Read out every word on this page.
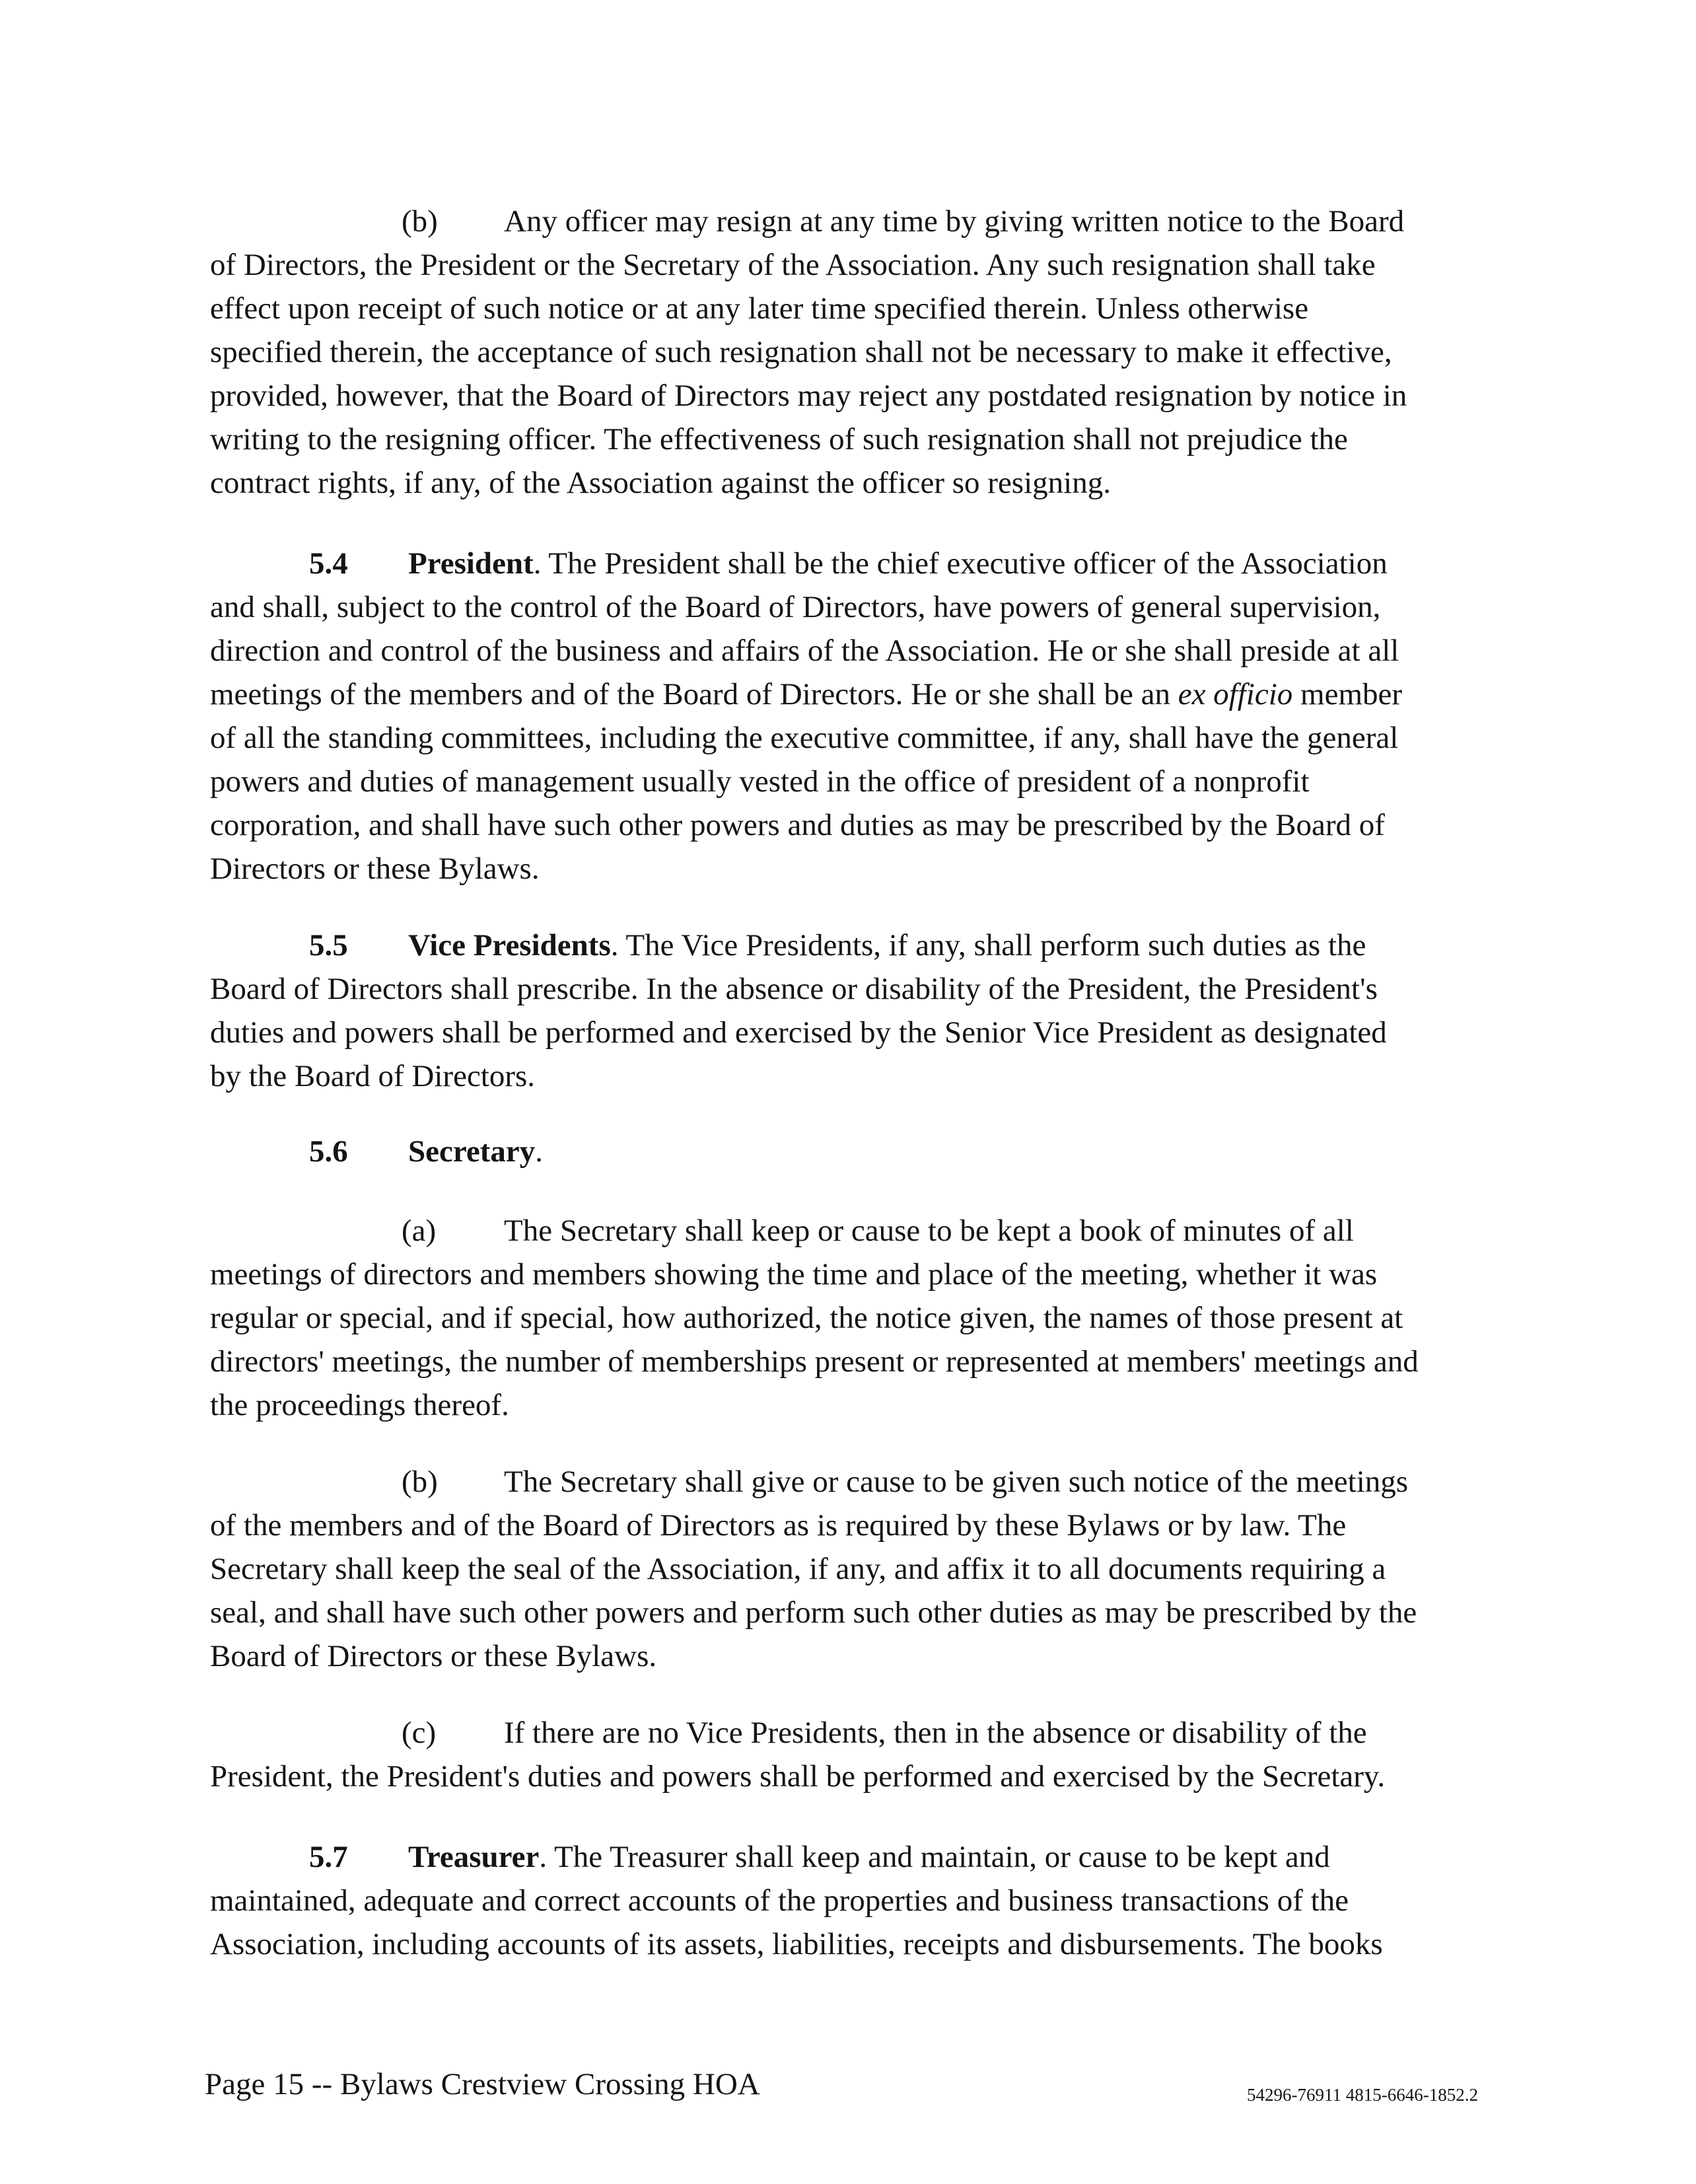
(b) Any officer may resign at any time by giving written notice to the Board
of Directors, the President or the Secretary of the Association. Any such resignation shall take
effect upon receipt of such notice or at any later time specified therein. Unless otherwise
specified therein, the acceptance of such resignation shall not be necessary to make it effective,
provided, however, that the Board of Directors may reject any postdated resignation by notice in
writing to the resigning officer. The effectiveness of such resignation shall not prejudice the
contract rights, if any, of the Association against the officer so resigning.
5.4 President. The President shall be the chief executive officer of the Association
and shall, subject to the control of the Board of Directors, have powers of general supervision,
direction and control of the business and affairs of the Association. He or she shall preside at all
meetings of the members and of the Board of Directors. He or she shall be an ex officio member
of all the standing committees, including the executive committee, if any, shall have the general
powers and duties of management usually vested in the office of president of a nonprofit
corporation, and shall have such other powers and duties as may be prescribed by the Board of
Directors or these Bylaws.
5.5 Vice Presidents. The Vice Presidents, if any, shall perform such duties as the
Board of Directors shall prescribe. In the absence or disability of the President, the President's
duties and powers shall be performed and exercised by the Senior Vice President as designated
by the Board of Directors.
5.6 Secretary.
(a) The Secretary shall keep or cause to be kept a book of minutes of all
meetings of directors and members showing the time and place of the meeting, whether it was
regular or special, and if special, how authorized, the notice given, the names of those present at
directors' meetings, the number of memberships present or represented at members' meetings and
the proceedings thereof.
(b) The Secretary shall give or cause to be given such notice of the meetings
of the members and of the Board of Directors as is required by these Bylaws or by law. The
Secretary shall keep the seal of the Association, if any, and affix it to all documents requiring a
seal, and shall have such other powers and perform such other duties as may be prescribed by the
Board of Directors or these Bylaws.
(c) If there are no Vice Presidents, then in the absence or disability of the
President, the President's duties and powers shall be performed and exercised by the Secretary.
5.7 Treasurer. The Treasurer shall keep and maintain, or cause to be kept and
maintained, adequate and correct accounts of the properties and business transactions of the
Association, including accounts of its assets, liabilities, receipts and disbursements. The books
Page 15 -- Bylaws Crestview Crossing HOA	54296-76911 4815-6646-1852.2
